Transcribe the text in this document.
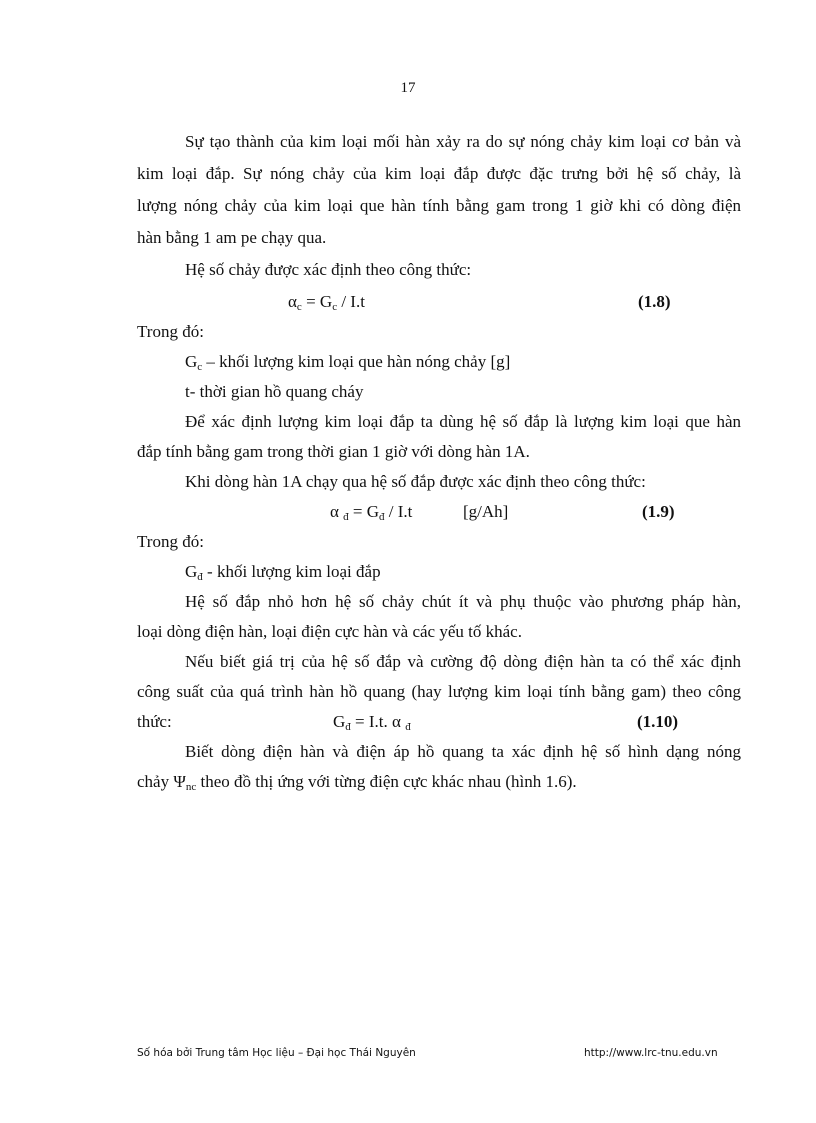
17
Sự tạo thành của kim loại mối hàn xảy ra do sự nóng chảy kim loại cơ bản và
kim loại đắp. Sự nóng chảy của kim loại đắp được đặc trưng bởi hệ số chảy, là
lượng nóng chảy của kim loại que hàn tính bằng gam trong 1 giờ khi có dòng điện
hàn bằng 1 am pe chạy qua.
Hệ số chảy được xác định theo công thức:
$\alpha_c = G_c / I.t$	(1.8)
Trong đó:
$G_c$ – khối lượng kim loại que hàn nóng chảy [g]
t- thời gian hồ quang cháy
Để xác định lượng kim loại đắp ta dùng hệ số đắp là lượng kim loại que hàn
đắp tính bằng gam trong thời gian 1 giờ với dòng hàn 1A.
Khi dòng hàn 1A chạy qua hệ số đắp được xác định theo công thức:
α $_đ = G_đ / I.t$	[g/Ah]	(1.9)
Trong đó:
$G_đ$ - khối lượng kim loại đắp
Hệ số đắp nhỏ hơn hệ số chảy chút ít và phụ thuộc vào phương pháp hàn,
loại dòng điện hàn, loại điện cực hàn và các yếu tố khác.
Nếu biết giá trị của hệ số đắp và cường độ dòng điện hàn ta có thể xác định
công suất của quá trình hàn hồ quang (hay lượng kim loại tính bằng gam) theo công
thức:	$G_đ = I.t$. α $_đ$	(1.10)
Biết dòng điện hàn và điện áp hồ quang ta xác định hệ số hình dạng nóng
chảy $\Psi_{nc}$ theo đồ thị ứng với từng điện cực khác nhau (hình 1.6).
Số hóa bởi Trung tâm Học liệu – Đại học Thái Nguyên	http://www.lrc-tnu.edu.vn
